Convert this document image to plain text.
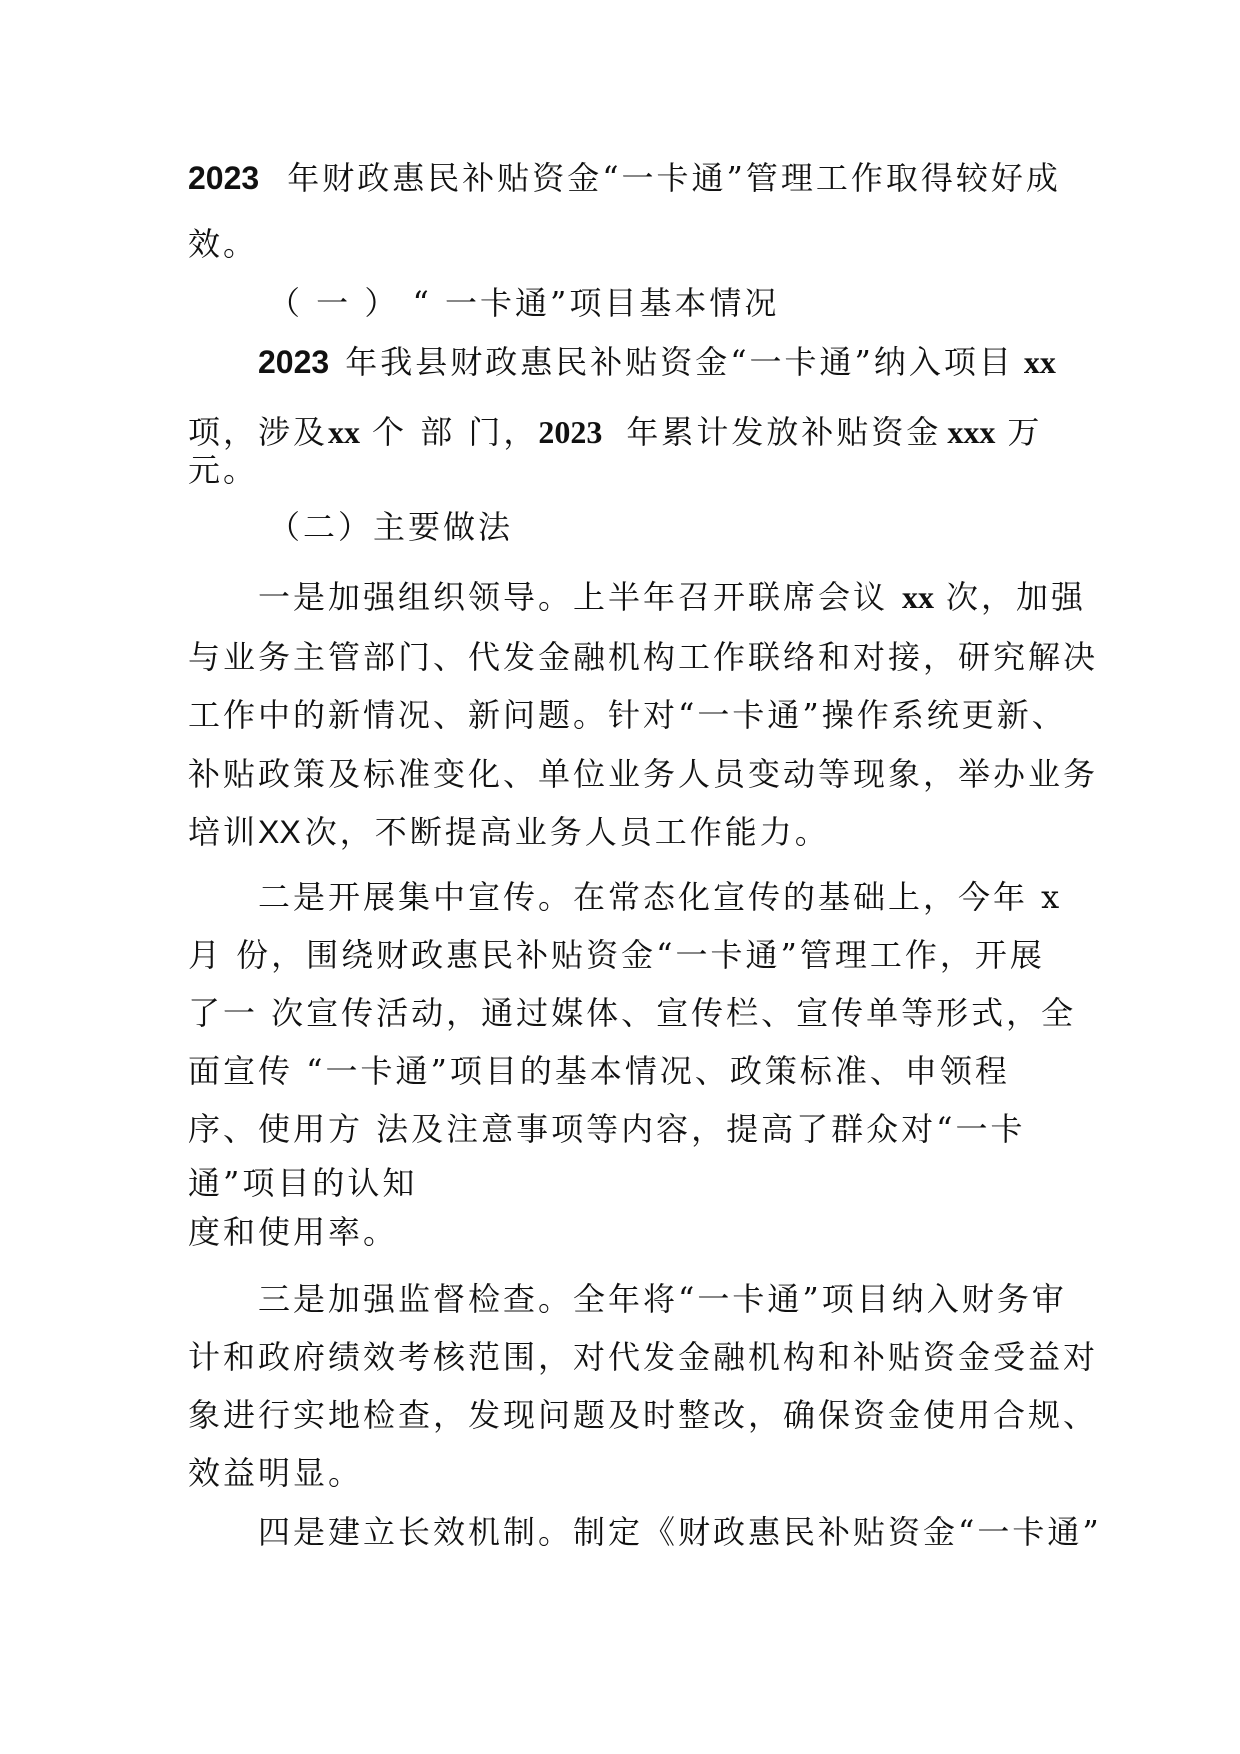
2023 年财政惠民补贴资金“一卡通”管理工作取得较好成
效。
（ 一 ） “ 一卡通”项目基本情况
2023 年我县财政惠民补贴资金“一卡通”纳入项目 xx
项，涉及xx 个 部 门，2023 年累计发放补贴资金 xxx 万
元。
（二）主要做法
一是加强组织领导。上半年召开联席会议 xx 次，加强
与业务主管部门、代发金融机构工作联络和对接，研究解决
工作中的新情况、新问题。针对“一卡通”操作系统更新、
补贴政策及标准变化、单位业务人员变动等现象，举办业务
培训XX 次，不断提高业务人员工作能力。
二是开展集中宣传。在常态化宣传的基础上，今年 x
月 份，围绕财政惠民补贴资金“一卡通”管理工作，开展
了一 次宣传活动，通过媒体、宣传栏、宣传单等形式，全
面宣传 “一卡通”项目的基本情况、政策标准、申领程
序、使用方 法及注意事项等内容，提高了群众对“一卡
通”项目的认知
度和使用率。
三是加强监督检查。全年将“一卡通”项目纳入财务审
计和政府绩效考核范围，对代发金融机构和补贴资金受益对
象进行实地检查，发现问题及时整改，确保资金使用合规、
效益明显。
四是建立长效机制。制定《财政惠民补贴资金“一卡通”
